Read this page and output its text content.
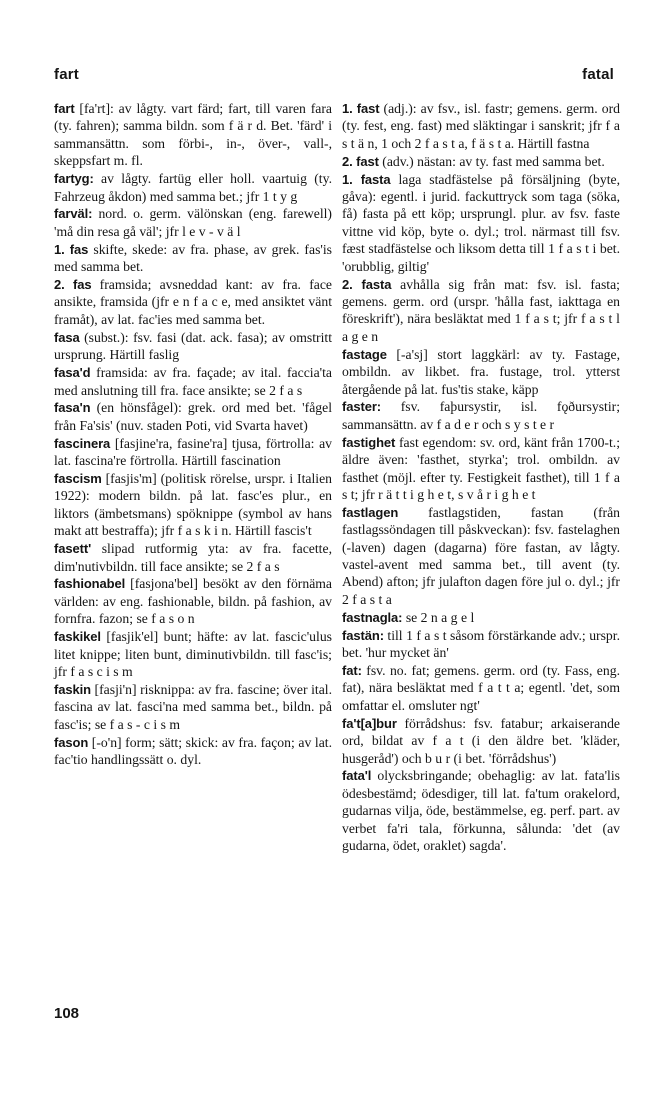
fart	fatal

fart [fa'rt]: av lågty. vart färd; fart, till varen fara (ty. fahren); samma bildn. som f ä r d. Bet. 'färd' i sammansättn. som förbi-, in-, över-, vall-, skeppsfart m. fl.

fartyg: av lågty. fartüg eller holl. vaartuig (ty. Fahrzeug åkdon) med samma bet.; jfr 1 t y g

farväl: nord. o. germ. välönskan (eng. farewell) 'må din resa gå väl'; jfr l e v - v ä l

1. fas skifte, skede: av fra. phase, av grek. fas'is med samma bet.

2. fas framsida; avsneddad kant: av fra. face ansikte, framsida (jfr e n f a c e, med ansiktet vänt framåt), av lat. fac'ies med samma bet.

fasa (subst.): fsv. fasi (dat. ack. fasa); av omstritt ursprung. Härtill faslig

fasa'd framsida: av fra. façade; av ital. faccia'ta med anslutning till fra. face ansikte; se 2 f a s

fasa'n (en hönsfågel): grek. ord med bet. 'fågel från Fa'sis' (nuv. staden Poti, vid Svarta havet)

fascinera [fasjine'ra, fasine'ra] tjusa, förtrolla: av lat. fascina're förtrolla. Härtill fascination

fascism [fasjis'm] (politisk rörelse, urspr. i Italien 1922): modern bildn. på lat. fasc'es plur., en liktors (ämbetsmans) spöknippe (symbol av hans makt att bestraffa); jfr f a s k i n. Härtill fascis't

fasett' slipad rutformig yta: av fra. facette, dim'nutivbildn. till face ansikte; se 2 f a s

fashionabel [fasjona'bel] besökt av den förnäma världen: av eng. fashionable, bildn. på fashion, av fornfra. fazon; se f a s o n

faskikel [fasjik'el] bunt; häfte: av lat. fascic'ulus litet knippe; liten bunt, diminutivbildn. till fasc'is; jfr f a s c i s m

faskin [fasji'n] risknippa: av fra. fascine; över ital. fascina av lat. fasci'na med samma bet., bildn. på fasc'is; se f a s - c i s m

fason [-o'n] form; sätt; skick: av fra. façon; av lat. fac'tio handlingssätt o. dyl.

1. fast (adj.): av fsv., isl. fastr; gemens. germ. ord (ty. fest, eng. fast) med släktingar i sanskrit; jfr f a s t ä n, 1 och 2 f a s t a, f ä s t a. Härtill fastna

2. fast (adv.) nästan: av ty. fast med samma bet.

1. fasta laga stadfästelse på försäljning (byte, gåva): egentl. i jurid. fackuttryck som taga (söka, få) fasta på ett köp; ursprungl. plur. av fsv. faste vittne vid köp, byte o. dyl.; trol. närmast till fsv. fæst stadfästelse och liksom detta till 1 f a s t i bet. 'orubblig, giltig'

2. fasta avhålla sig från mat: fsv. isl. fasta; gemens. germ. ord (urspr. 'hålla fast, iakttaga en föreskrift'), nära besläktat med 1 f a s t; jfr f a s t l a g e n

fastage [-a'sj] stort laggkärl: av ty. Fastage, ombildn. av likbet. fra. fustage, trol. ytterst återgående på lat. fus'tis stake, käpp

faster: fsv. faþursystir, isl. fǫðursystir; sammansättn. av f a d e r och s y s t e r

fastighet fast egendom: sv. ord, känt från 1700-t.; äldre även: 'fasthet, styrka'; trol. ombildn. av fasthet (möjl. efter ty. Festigkeit fasthet), till 1 f a s t; jfr r ä t t i g h e t, s v å r i g h e t

fastlagen fastlagstiden, fastan (från fastlagssöndagen till påskveckan): fsv. fastelaghen (-laven) dagen (dagarna) före fastan, av lågty. vastel-avent med samma bet., till avent (ty. Abend) afton; jfr julafton dagen före jul o. dyl.; jfr 2 f a s t a

fastnagla: se 2 n a g e l

fastän: till 1 f a s t såsom förstärkande adv.; urspr. bet. 'hur mycket än'

fat: fsv. no. fat; gemens. germ. ord (ty. Fass, eng. fat), nära besläktat med f a t t a; egentl. 'det, som omfattar el. omsluter ngt'

fa't[a]bur förrådshus: fsv. fatabur; arkaiserande ord, bildat av f a t (i den äldre bet. 'kläder, husgeråd') och b u r (i bet. 'förrådshus')

fata'l olycksbringande; obehaglig: av lat. fata'lis ödesbestämd; ödesdiger, till lat. fa'tum orakelord, gudarnas vilja, öde, bestämmelse, eg. perf. part. av verbet fa'ri tala, förkunna, sålunda: 'det (av gudarna, ödet, oraklet) sagda'.

108
